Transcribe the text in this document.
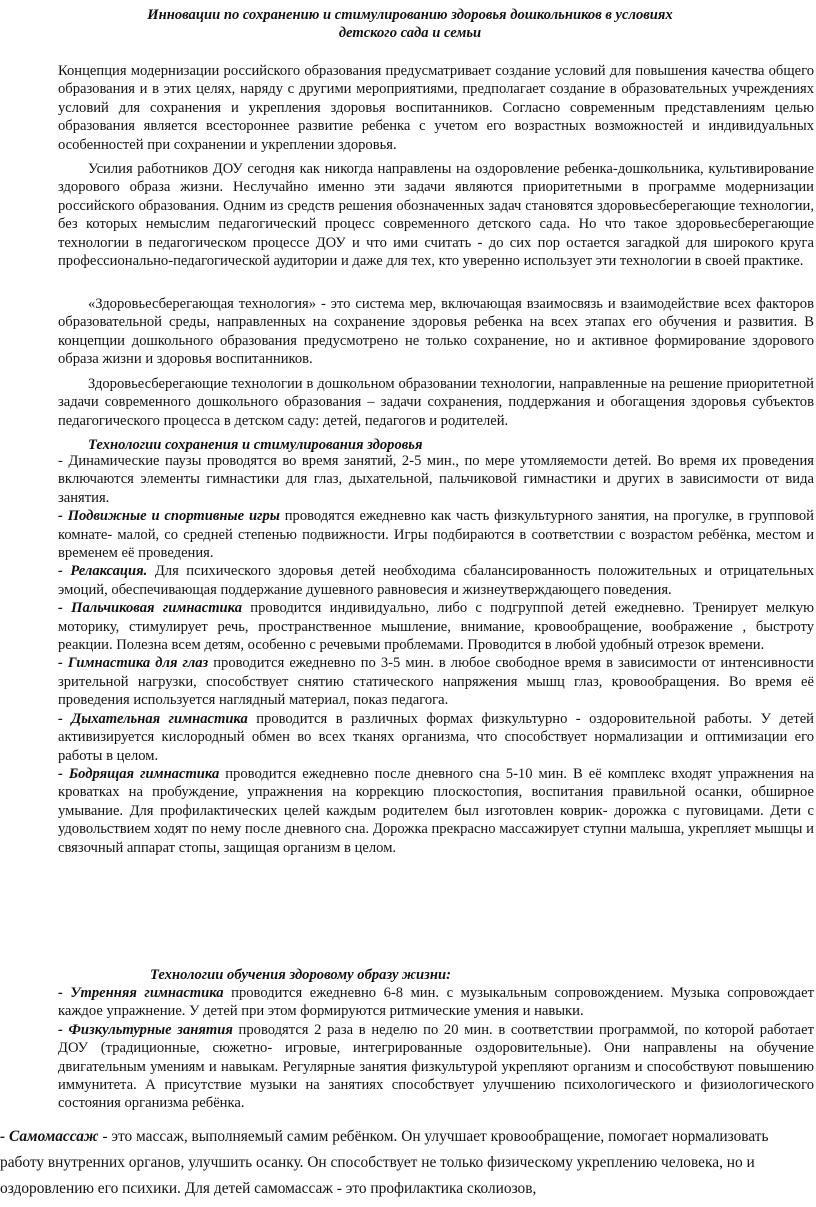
Инновации по сохранению и стимулированию здоровья дошкольников в условиях
детского сада и семьи

Концепция модернизации российского образования предусматривает создание условий для повышения качества общего образования и в этих целях, наряду с другими мероприятиями, предполагает создание в образовательных учреждениях условий для сохранения и укрепления здоровья воспитанников. Согласно современным представлениям целью образования является всестороннее развитие ребенка с учетом его возрастных возможностей и индивидуальных особенностей при сохранении и укреплении здоровья.

Усилия работников ДОУ сегодня как никогда направлены на оздоровление ребенка-дошкольника, культивирование здорового образа жизни. Неслучайно именно эти задачи являются приоритетными в программе модернизации российского образования. Одним из средств решения обозначенных задач становятся здоровьесберегающие технологии, без которых немыслим педагогический процесс современного детского сада. Но что такое здоровьесберегающие технологии в педагогическом процессе ДОУ и что ими считать - до сих пор остается загадкой для широкого круга профессионально-педагогической аудитории и даже для тех, кто уверенно использует эти технологии в своей практике.

«Здоровьесберегающая технология» - это система мер, включающая взаимосвязь и взаимодействие всех факторов образовательной среды, направленных на сохранение здоровья ребенка на всех этапах его обучения и развития. В концепции дошкольного образования предусмотрено не только сохранение, но и активное формирование здорового образа жизни и здоровья воспитанников.

Здоровьесберегающие технологии в дошкольном образовании технологии, направленные на решение приоритетной задачи современного дошкольного образования – задачи сохранения, поддержания и обогащения здоровья субъектов педагогического процесса в детском саду: детей, педагогов и родителей.

Технологии сохранения и стимулирования здоровья

- Динамические паузы проводятся во время занятий, 2-5 мин., по мере утомляемости детей. Во время их проведения включаются элементы гимнастики для глаз, дыхательной, пальчиковой гимнастики и других в зависимости от вида занятия.

- Подвижные и спортивные игры проводятся ежедневно как часть физкультурного занятия, на прогулке, в групповой комнате- малой, со средней степенью подвижности. Игры подбираются в соответствии с возрастом ребёнка, местом и временем её проведения.

- Релаксация. Для психического здоровья детей необходима сбалансированность положительных и отрицательных эмоций, обеспечивающая поддержание душевного равновесия и жизнеутверждающего поведения.

- Пальчиковая гимнастика проводится индивидуально, либо с подгруппой детей ежедневно. Тренирует мелкую моторику, стимулирует речь, пространственное мышление, внимание, кровообращение, воображение , быстроту реакции. Полезна всем детям, особенно с речевыми проблемами. Проводится в любой удобный отрезок времени.

- Гимнастика для глаз проводится ежедневно по 3-5 мин. в любое свободное время в зависимости от интенсивности зрительной нагрузки, способствует снятию статического напряжения мышц глаз, кровообращения. Во время её проведения используется наглядный материал, показ педагога.

- Дыхательная гимнастика проводится в различных формах физкультурно - оздоровительной работы. У детей активизируется кислородный обмен во всех тканях организма, что способствует нормализации и оптимизации его работы в целом.

- Бодрящая гимнастика проводится ежедневно после дневного сна 5-10 мин. В её комплекс входят упражнения на кроватках на пробуждение, упражнения на коррекцию плоскостопия, воспитания правильной осанки, обширное умывание. Для профилактических целей каждым родителем был изготовлен коврик- дорожка с пуговицами. Дети с удовольствием ходят по нему после дневного сна. Дорожка прекрасно массажирует ступни малыша, укрепляет мышцы и связочный аппарат стопы, защищая организм в целом.

Технологии обучения здоровому образу жизни:

- Утренняя гимнастика проводится ежедневно 6-8 мин. с музыкальным сопровождением. Музыка сопровождает каждое упражнение. У детей при этом формируются ритмические умения и навыки.

- Физкультурные занятия проводятся 2 раза в неделю по 20 мин. в соответствии программой, по которой работает ДОУ (традиционные, сюжетно- игровые, интегрированные оздоровительные). Они направлены на обучение двигательным умениям и навыкам. Регулярные занятия физкультурой укрепляют организм и способствуют повышению иммунитета. А присутствие музыки на занятиях способствует улучшению психологического и физиологического состояния организма ребёнка.

- Самомассаж - это массаж, выполняемый самим ребёнком. Он улучшает кровообращение, помогает нормализовать работу внутренних органов, улучшить осанку. Он способствует не только физическому укреплению человека, но и оздоровлению его психики. Для детей самомассаж - это профилактика сколиозов,
